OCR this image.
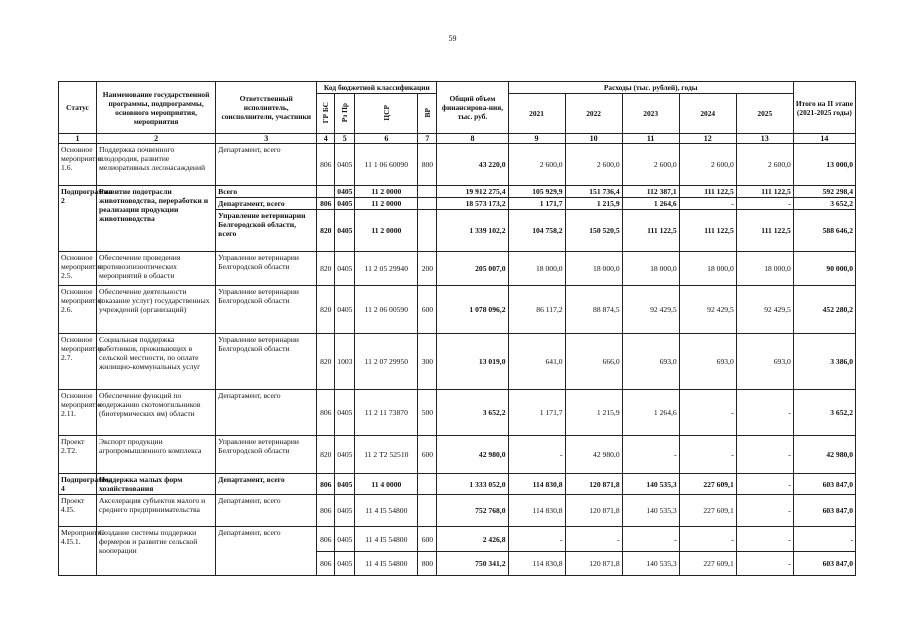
59
Статус	Наименование государственной программы, подпрограммы, основного мероприятия, мероприятия	Ответственный исполнитель, соисполнители, участники	Код бюджетной классификации				Общий объем финансирова-ния, тыс. руб.	Расходы (тыс. рублей), годы					Итого на II этапе (2021-2025 годы)
			ГР БС	Рз Пр	ЦСР	ВР		2021	2022	2023	2024	2025	
1	2	3	4	5	6	7	8	9	10	11	12	13	14
Основное мероприятие 1.6.	Поддержка почвенного плодородия, развитие мелиоративных лесонасаждений	Департамент, всего	806	0405	11 1 06 60090	800	43 220,0	2 600,0	2 600,0	2 600,0	2 600,0	2 600,0	13 000,0
Подпрограмма 2	Развитие подотрасли животноводства, переработки и реализации продукции животноводства	Всего		0405	11 2 0000		19 912 275,4	105 929,9	151 736,4	112 387,1	111 122,5	111 122,5	592 298,4
		Департамент, всего	806	0405	11 2 0000		18 573 173,2	1 171,7	1 215,9	1 264,6	-	-	3 652,2
		Управление ветеринарии Белгородской области, всего	820	0405	11 2 0000		1 339 102,2	104 758,2	150 520,5	111 122,5	111 122,5	111 122,5	588 646,2
Основное мероприятие 2.5.	Обеспечение проведения противоэпизоотических мероприятий в области	Управление ветеринарии Белгородской области	820	0405	11 2 05 29940	200	205 007,0	18 000,0	18 000,0	18 000,0	18 000,0	18 000,0	90 000,0
Основное мероприятие 2.6.	Обеспечение деятельности (оказание услуг) государственных учреждений (организаций)	Управление ветеринарии Белгородской области	820	0405	11 2 06 00590	600	1 078 096,2	86 117,2	88 874,5	92 429,5	92 429,5	92 429,5	452 280,2
Основное мероприятие 2.7.	Социальная поддержка работников, проживающих в сельской местности, по оплате жилищно-коммунальных услуг	Управление ветеринарии Белгородской области	820	1003	11 2 07 29950	300	13 019,0	641,0	666,0	693,0	693,0	693,0	3 386,0
Основное мероприятие 2.11.	Обеспечение функций по содержанию скотомогильников (биотермических ям) области	Департамент, всего	806	0405	11 2 11 73870	500	3 652,2	1 171,7	1 215,9	1 264,6	-	-	3 652,2
Проект 2.Т2.	Экспорт продукции агропромышленного комплекса	Управление ветеринарии Белгородской области	820	0405	11 2 Т2 52510	600	42 980,0	-	42 980,0	-	-	-	42 980,0
Подпрограмма 4	Поддержка малых форм хозяйствования	Департамент, всего	806	0405	11 4 0000		1 333 052,0	114 830,8	120 871,8	140 535,3	227 609,1	-	603 847,0
Проект 4.I5.	Акселерация субъектов малого и среднего предпринимательства	Департамент, всего	806	0405	11 4 I5 54800		752 768,0	114 830,8	120 871,8	140 535,3	227 609,1	-	603 847,0
Мероприятие 4.I5.1.	Создание системы поддержки фермеров и развитие сельской кооперации	Департамент, всего	806	0405	11 4 I5 54800	600	2 426,8	-	-	-	-	-	-
			806	0405	11 4 I5 54800	800	750 341,2	114 830,8	120 871,8	140 535,3	227 609,1	-	603 847,0
